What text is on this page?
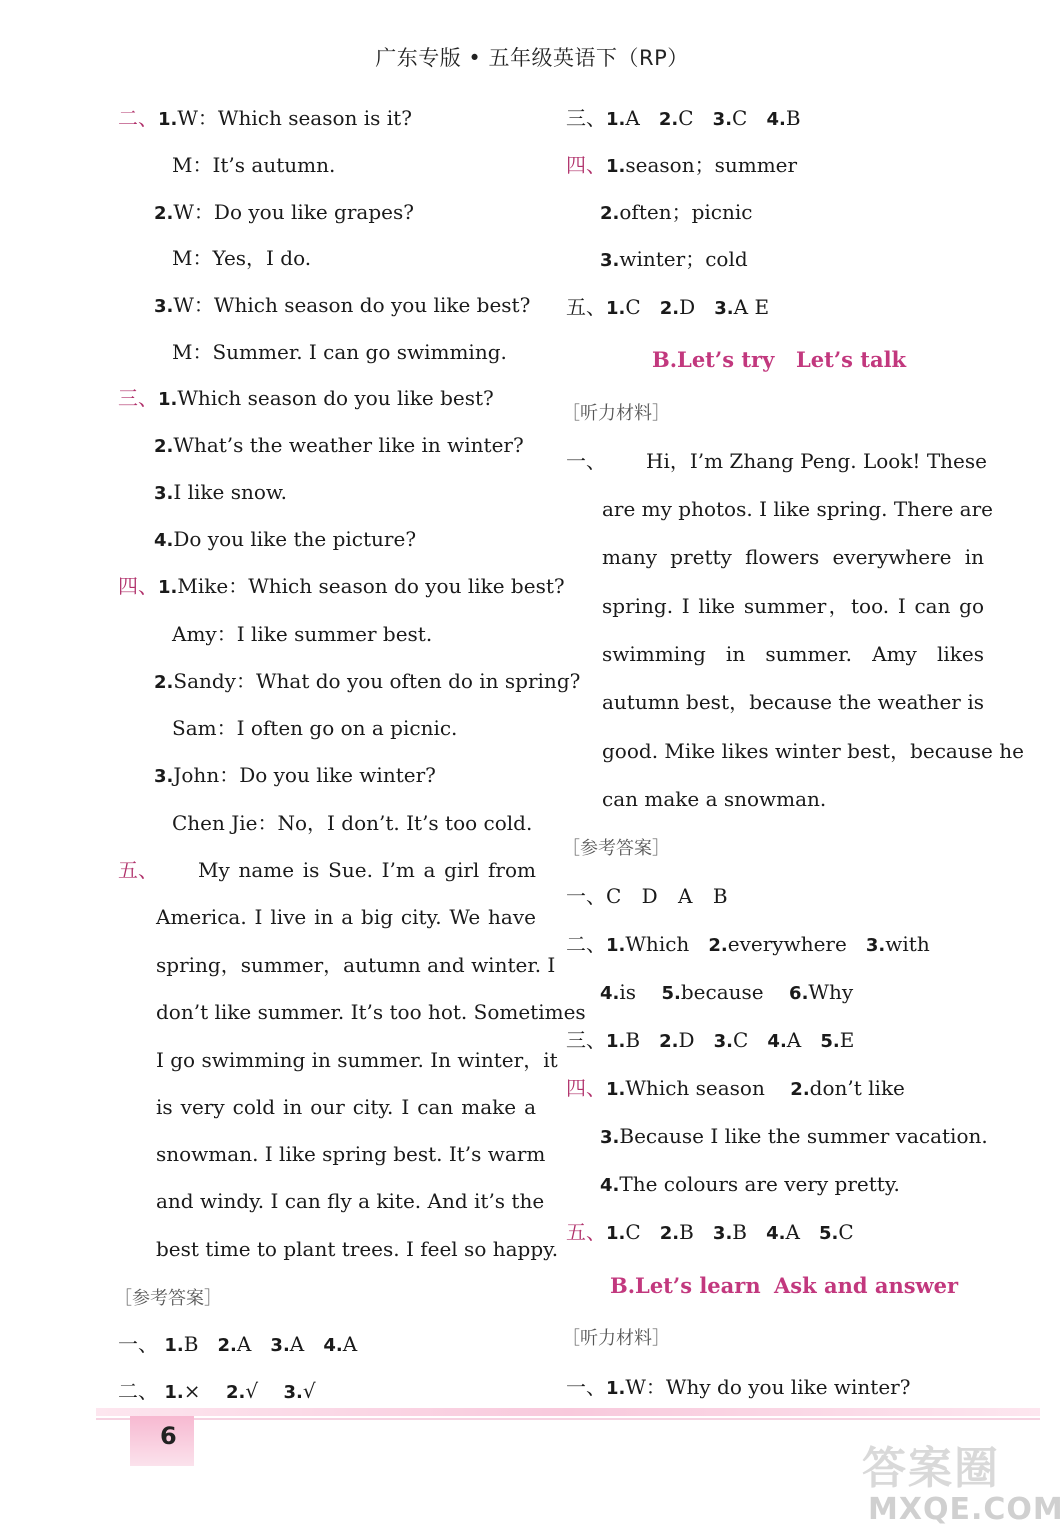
广东专版 • 五年级英语下（RP）
二、1.W：Which season is it?
M：It’s autumn.
2.W：Do you like grapes?
M：Yes，I do.
3.W：Which season do you like best?
M：Summer. I can go swimming.
三、1.Which season do you like best?
2.What’s the weather like in winter?
3.I like snow.
4.Do you like the picture?
四、1.Mike：Which season do you like best?
Amy：I like summer best.
2.Sandy：What do you often do in spring?
Sam：I often go on a picnic.
3.John：Do you like winter?
Chen Jie：No，I don’t. It’s too cold.
五、 My name is Sue. I’m a girl from
America. I live in a big city. We have
spring，summer，autumn and winter. I
don’t like summer. It’s too hot. Sometimes
I go swimming in summer. In winter，it
is very cold in our city. I can make a
snowman. I like spring best. It’s warm
and windy. I can fly a kite. And it’s the
best time to plant trees. I feel so happy.
［参考答案］
一、 1.B 2.A 3.A 4.A
二、 1.× 2.√ 3.√
三、1.A 2.C 3.C 4.B
四、1.season；summer
2.often；picnic
3.winter；cold
五、1.C 2.D 3.A E
B.Let’s try Let’s talk
［听力材料］
一、 Hi，I’m Zhang Peng. Look! These
are my photos. I like spring. There are
many pretty flowers everywhere in
spring. I like summer，too. I can go
swimming in summer. Amy likes
autumn best，because the weather is
good. Mike likes winter best，because he
can make a snowman.
［参考答案］
一、C D A B
二、1.Which 2.everywhere 3.with
4.is 5.because 6.Why
三、1.B 2.D 3.C 4.A 5.E
四、1.Which season 2.don’t like
3.Because I like the summer vacation.
4.The colours are very pretty.
五、1.C 2.B 3.B 4.A 5.C
B.Let’s learn Ask and answer
［听力材料］
一、1.W：Why do you like winter?
6
答案圈
MXQE.COM
